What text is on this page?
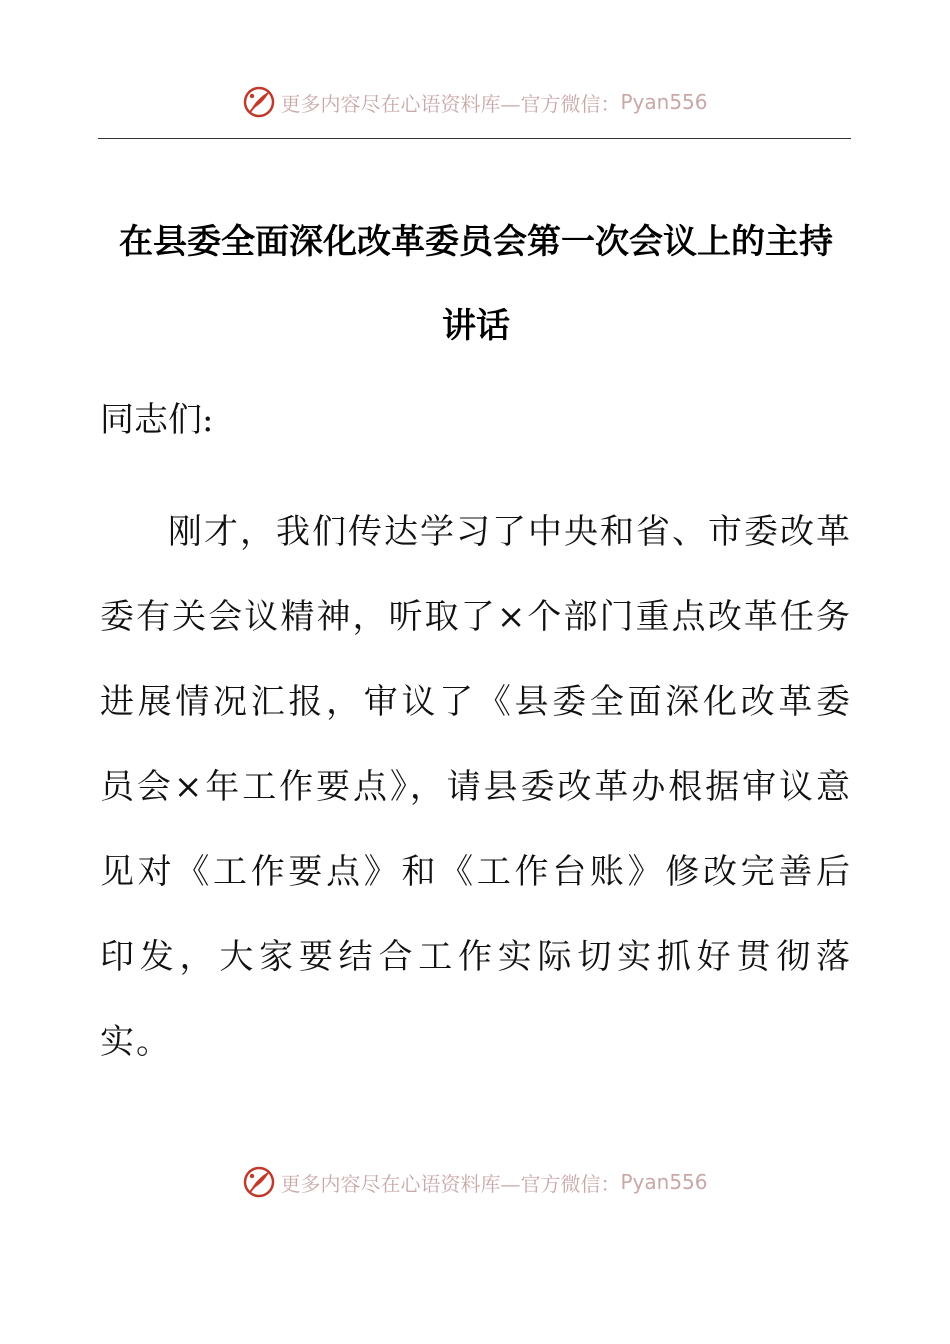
更多内容尽在心语资料库—官方微信： Pyan556
在县委全面深化改革委员会第一次会议上的主持
讲话

同志们:

刚才，我们传达学习了中央和省、市委改革委有关会议精神，听取了×个部门重点改革任务进展情况汇报，审议了《县委全面深化改革委员会×年工作要点》，请县委改革办根据审议意见对《工作要点》和《工作台账》修改完善后印发，大家要结合工作实际切实抓好贯彻落实。

更多内容尽在心语资料库—官方微信： Pyan556
